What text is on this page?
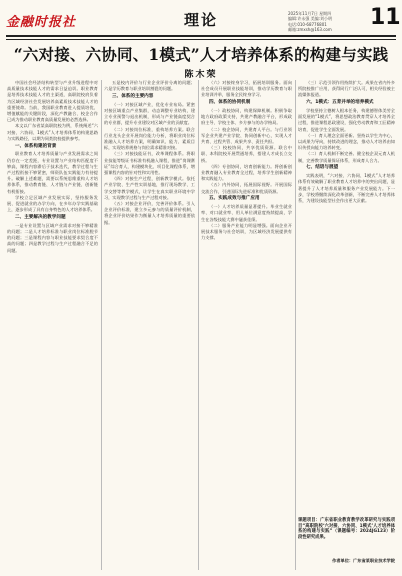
金融时报社	理论	2025年11月7日 星期四
编辑:许永强 美编:刘小明
电话:010-68776801
邮箱:zmxsh@163.com	11
“六对接、六协同、1模式”人才培养体系的构建与实践
陈木荣

中国社会经济结构转型与产业升级进程中对高质量技术技能人才的需求日益迫切。职业教育是培养技术技能人才的主渠道，高职院校肩负着为区域经济社会发展培养高素质技术技能人才的重要使命。当前，我国职业教育进入提质培优、增值赋能的关键阶段，深化产教融合、校企合作已成为推动职业教育高质量发展的必然选择。

本文以广东省某高职院校为例，系统阐述“六对接、六协同、1模式”人才培养体系的构建思路与实践路径，以期为同类院校提供参考。

一、体系构建的背景

职业教育人才培养质量与产业发展需求之间仍存在一定差距，专业设置与产业结构匹配度不够高，课程内容滞后于技术迭代，教学过程与生产过程衔接不够紧密，师资队伍实践能力有待提升。破解上述难题，需要以系统思维重构人才培养体系，推动教育链、人才链与产业链、创新链有机衔接。

学校立足区域产业发展实际，坚持服务发展、促进就业的办学方向，在多年办学实践基础上，逐步形成了具有自身特色的人才培养体系。

二、主要解决的教学问题

一是专业设置与区域产业需求对接不够精准的问题；二是人才培养标准与职业岗位标准脱节的问题；三是课程内容与职业技能要求契合度不高的问题；四是教学过程与生产过程融合不足的问题。

五是校内评价与行业企业评价分离的问题；六是学历教育与职业培训割裂的问题。

三、体系的主要内容

（一）对接区域产业，优化专业布局。紧密对接区域重点产业集群，动态调整专业结构，建立专业预警与退出机制，形成与产业链高度契合的专业群，提升专业建设对区域产业的贡献度。

（二）对接岗位标准，重构培养方案。联合行业龙头企业开展岗位能力分析，将职业岗位标准融入人才培养方案，明确知识、能力、素质目标，实现培养规格与岗位需求精准对接。

（三）对接技能证书，改革课程体系。将职业技能等级证书标准有机融入课程，推进“岗课赛证”综合育人，构建模块化、项目化课程体系，增强课程内容的针对性和实用性。

（四）对接生产过程，创新教学模式。依托产业学院、生产性实训基地，推行现场教学、工学交替等教学模式，让学生在真实职业环境中学习，实现教学过程与生产过程对接。

（五）对接企业评价，完善评价体系。引入企业评价标准，建立多元参与的质量评价机制，将企业评价结果作为衡量人才培养质量的重要依据。

（六）对接终身学习，拓展培训服务。面向社会成员开展职业技能培训，推动学历教育与职业培训并举，服务全民终身学习。

四、体系的协同机制

（一）政校协同，构建保障机制。积极争取地方政府政策支持，共建产教融合平台，形成政府主导、学校主体、多方参与的办学格局。

（二）校企协同，共建育人平台。与行业领军企业共建产业学院、协同创新中心，实现人才共育、过程共管、成果共享、责任共担。

（三）校校协同，共享优质资源。联合中职、本科院校开展贯通培养，搭建人才成长立交桥。

（四）专创协同，培育创新能力。将创新创业教育融入专业教育全过程，培养学生创新精神和实践能力。

（五）内外协同，拓展国际视野。开展国际交流合作，引进国际先进标准和优质资源。

五、实践成效与推广应用

（一）人才培养质量显著提升。毕业生就业率、对口就业率、用人单位满意度持续提高，学生在各级技能大赛中屡获佳绩。

（二）服务产业能力明显增强。面向企业开展技术服务与社会培训，为区域经济发展提供有力支撑。

（三）示范引领作用持续扩大。成果在省内外多所院校推广应用，获得同行广泛认可，相关经验被主流媒体报道。

六、1模式：五育并举的培养模式

学校坚持立德树人根本任务，构建德智体美劳全面发展的“1模式”，将思想政治教育贯穿人才培养全过程，推进课程思政建设，强化劳动教育和工匠精神培育，促进学生全面发展。

（一）育人理念全面更新。坚持以学生为中心，以成果为导向，持续改进的理念，推动人才培养由知识传授向能力培养转变。

（二）育人机制不断完善。健全校企双元育人机制，完善教学质量保证体系，形成育人合力。

七、结语与展望

实践表明，“六对接、六协同、1模式”人才培养体系有效破解了职业教育人才培养中的突出问题，显著提升了人才培养质量和服务产业发展能力。下一步，学校将继续深化改革创新，不断完善人才培养体系，为建设技能型社会作出更大贡献。

课题项目：广东省职业教育教学改革研究与实践项目“高职院校‘六对接、六协同、1模式’人才培养体系的构建与实践”（课题编号：2024JG123）阶段性研究成果。
作者单位：广东省某职业技术学院
